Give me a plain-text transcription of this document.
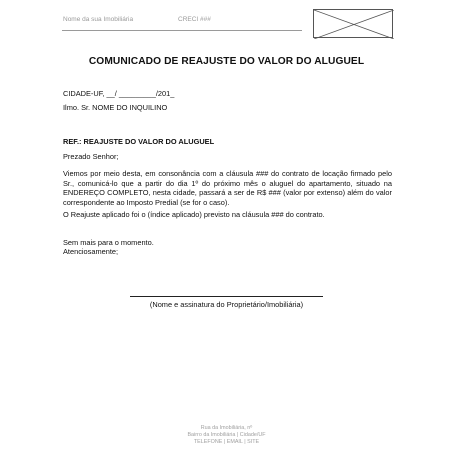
Nome da sua Imobiliária	CRECI ###
COMUNICADO DE REAJUSTE DO VALOR DO ALUGUEL
CIDADE-UF, __/ _________/201_
Ilmo. Sr. NOME DO INQUILINO
REF.: REAJUSTE DO VALOR DO ALUGUEL
Prezado Senhor;
Viemos por meio desta, em consonância com a cláusula ### do contrato de locação firmado pelo Sr., comunicá-lo que a partir do dia 1º do próximo mês o aluguel do apartamento, situado na ENDEREÇO COMPLETO, nesta cidade, passará a ser de R$ ### (valor por extenso) além do valor correspondente ao Imposto Predial (se for o caso).
O Reajuste aplicado foi o (índice aplicado) previsto na cláusula ### do contrato.
Sem mais para o momento.
Atenciosamente;
(Nome e assinatura do Proprietário/Imobiliária)
Rua da Imobiliária, nº
Bairro da Imobiliária | Cidade/UF
TELEFONE | EMAIL | SITE
